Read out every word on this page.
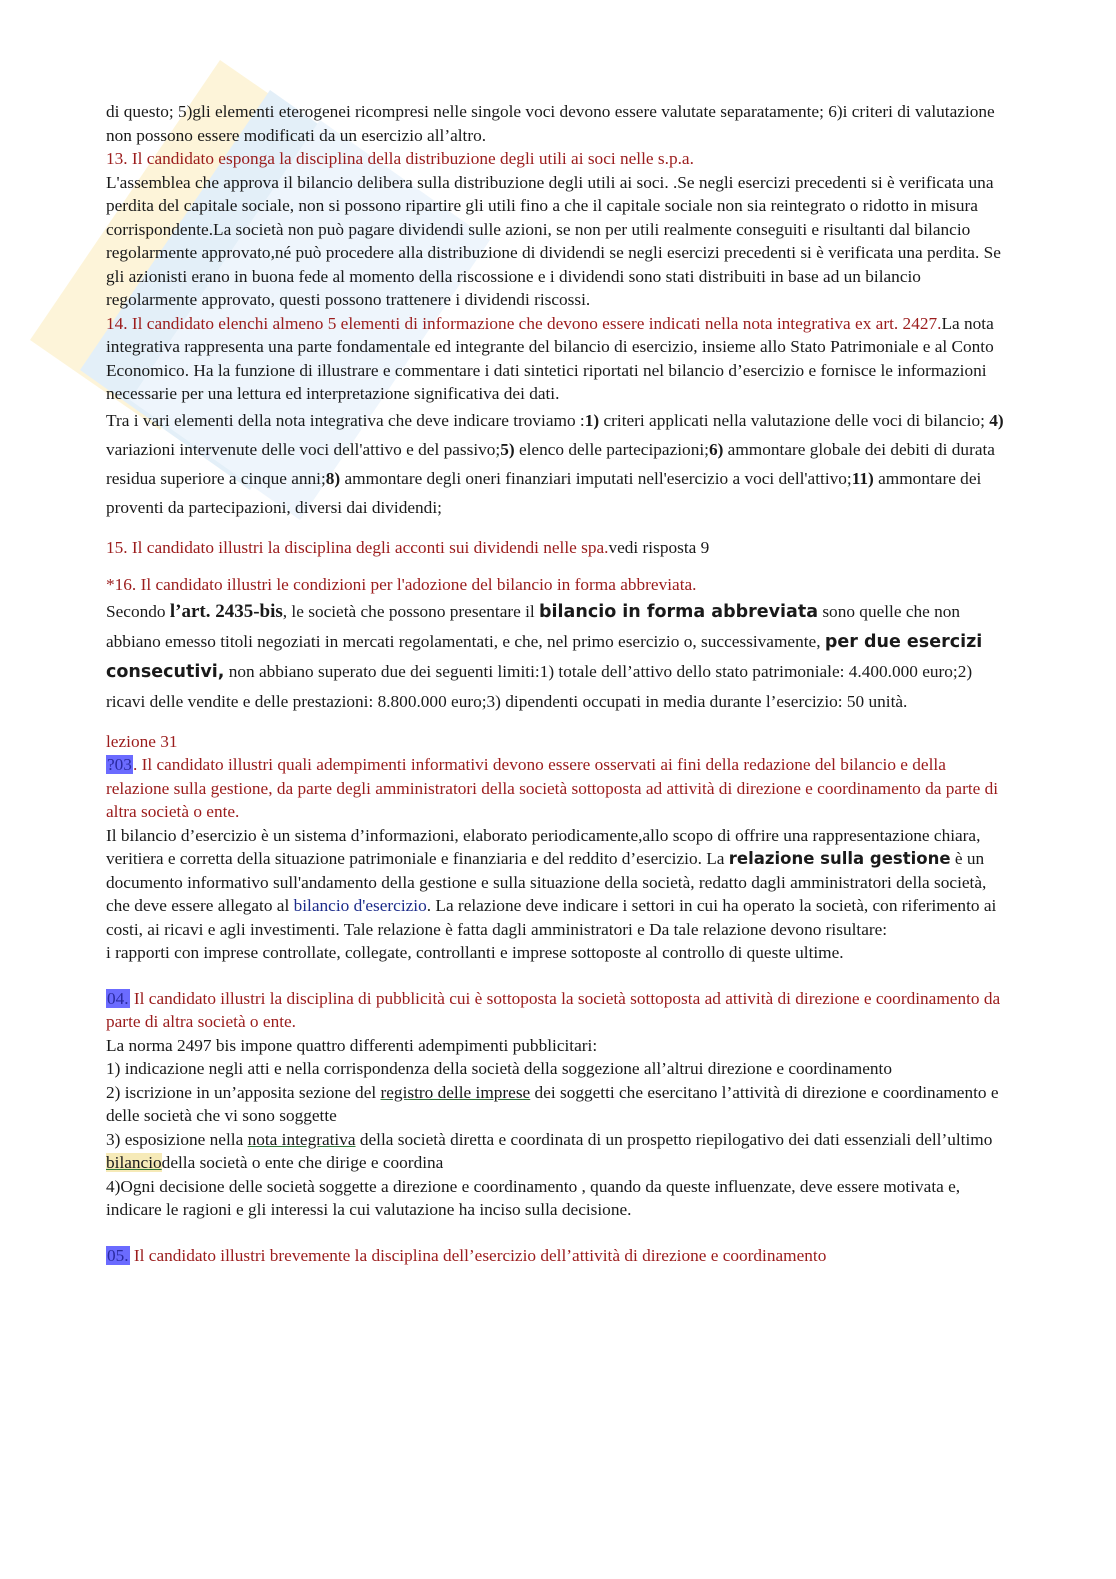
di questo; 5)gli elementi eterogenei ricompresi nelle singole voci devono essere valutate separatamente; 6)i criteri di valutazione non possono essere modificati da un esercizio all’altro.

13. Il candidato esponga la disciplina della distribuzione degli utili ai soci nelle s.p.a.

L'assemblea che approva il bilancio delibera sulla distribuzione degli utili ai soci. .Se negli esercizi precedenti si è verificata una perdita del capitale sociale, non si possono ripartire gli utili fino a che il capitale sociale non sia reintegrato o ridotto in misura corrispondente.La società non può pagare dividendi sulle azioni, se non per utili realmente conseguiti e risultanti dal bilancio regolarmente approvato,né può procedere alla distribuzione di dividendi se negli esercizi precedenti si è verificata una perdita. Se gli azionisti erano in buona fede al momento della riscossione e i dividendi sono stati distribuiti in base ad un bilancio regolarmente approvato, questi possono trattenere i dividendi riscossi.

14. Il candidato elenchi almeno 5 elementi di informazione che devono essere indicati nella nota integrativa ex art. 2427.La nota integrativa rappresenta una parte fondamentale ed integrante del bilancio di esercizio, insieme allo Stato Patrimoniale e al Conto Economico. Ha la funzione di illustrare e commentare i dati sintetici riportati nel bilancio d’esercizio e fornisce le informazioni necessarie per una lettura ed interpretazione significativa dei dati.

Tra i vari elementi della nota integrativa che deve indicare troviamo :1) criteri applicati nella valutazione delle voci di bilancio; 4) variazioni intervenute delle voci dell'attivo e del passivo;5) elenco delle partecipazioni;6) ammontare globale dei debiti di durata residua superiore a cinque anni;8) ammontare degli oneri finanziari imputati nell'esercizio a voci dell'attivo;11) ammontare dei proventi da partecipazioni, diversi dai dividendi;

15. Il candidato illustri la disciplina degli acconti sui dividendi nelle spa.vedi risposta 9

*16. Il candidato illustri le condizioni per l'adozione del bilancio in forma abbreviata.

Secondo l’art. 2435-bis, le società che possono presentare il bilancio in forma abbreviata sono quelle che non abbiano emesso titoli negoziati in mercati regolamentati, e che, nel primo esercizio o, successivamente, per due esercizi consecutivi, non abbiano superato due dei seguenti limiti:1) totale dell’attivo dello stato patrimoniale: 4.400.000 euro;2) ricavi delle vendite e delle prestazioni: 8.800.000 euro;3) dipendenti occupati in media durante l’esercizio: 50 unità.

lezione 31

?03. Il candidato illustri quali adempimenti informativi devono essere osservati ai fini della redazione del bilancio e della relazione sulla gestione, da parte degli amministratori della società sottoposta ad attività di direzione e coordinamento da parte di altra società o ente.

Il bilancio d’esercizio è un sistema d’informazioni, elaborato periodicamente,allo scopo di offrire una rappresentazione chiara, veritiera e corretta della situazione patrimoniale e finanziaria e del reddito d’esercizio. La relazione sulla gestione è un documento informativo sull'andamento della gestione e sulla situazione della società, redatto dagli amministratori della società, che deve essere allegato al bilancio d'esercizio. La relazione deve indicare i settori in cui ha operato la società, con riferimento ai costi, ai ricavi e agli investimenti. Tale relazione è fatta dagli amministratori e Da tale relazione devono risultare:

i rapporti con imprese controllate, collegate, controllanti e imprese sottoposte al controllo di queste ultime.

04. Il candidato illustri la disciplina di pubblicità cui è sottoposta la società sottoposta ad attività di direzione e coordinamento da parte di altra società o ente.

La norma 2497 bis impone quattro differenti adempimenti pubblicitari:

1) indicazione negli atti e nella corrispondenza della società della soggezione all’altrui direzione e coordinamento

2) iscrizione in un’apposita sezione del registro delle imprese dei soggetti che esercitano l’attività di direzione e coordinamento e delle società che vi sono soggette

3) esposizione nella nota integrativa della società diretta e coordinata di un prospetto riepilogativo dei dati essenziali dell’ultimo bilanciodella società o ente che dirige e coordina

4)Ogni decisione delle società soggette a direzione e coordinamento , quando da queste influenzate, deve essere motivata e, indicare le ragioni e gli interessi la cui valutazione ha inciso sulla decisione.

05. Il candidato illustri brevemente la disciplina dell’esercizio dell’attività di direzione e coordinamento
